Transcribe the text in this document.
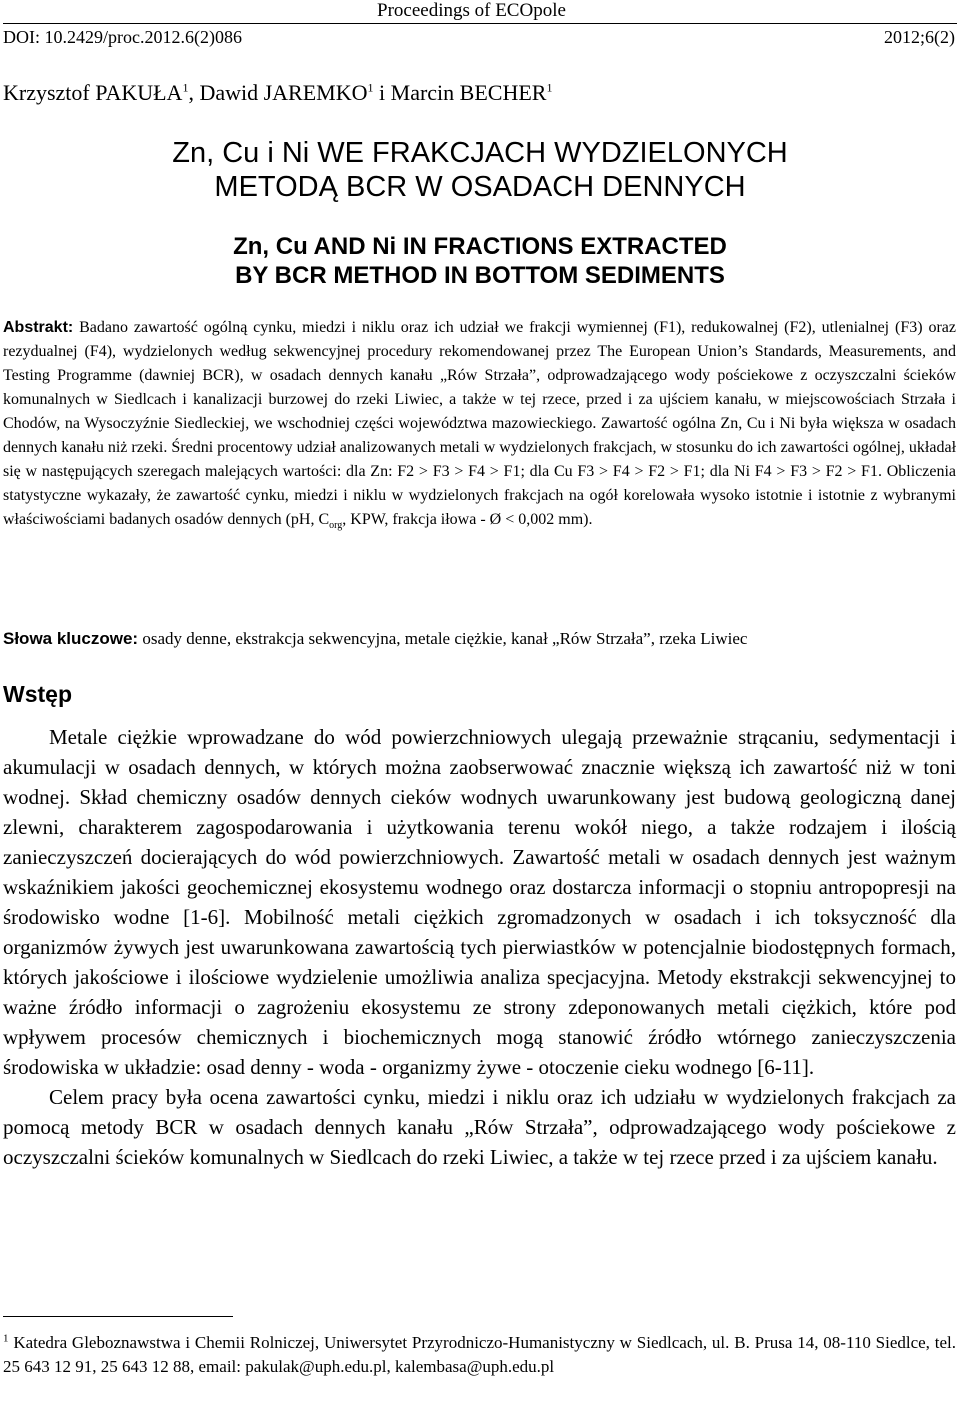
Proceedings of ECOpole
DOI: 10.2429/proc.2012.6(2)086	2012;6(2)
Krzysztof PAKUŁA$^1$, Dawid JAREMKO$^1$ i Marcin BECHER$^1$
Zn, Cu i Ni WE FRAKCJACH WYDZIELONYCH
METODĄ BCR W OSADACH DENNYCH
Zn, Cu AND Ni IN FRACTIONS EXTRACTED
BY BCR METHOD IN BOTTOM SEDIMENTS
Abstrakt: Badano zawartość ogólną cynku, miedzi i niklu oraz ich udział we frakcji wymiennej (F1), redukowalnej (F2), utlenialnej (F3) oraz rezydualnej (F4), wydzielonych według sekwencyjnej procedury rekomendowanej przez The European Union’s Standards, Measurements, and Testing Programme (dawniej BCR), w osadach dennych kanału „Rów Strzała”, odprowadzającego wody pościekowe z oczyszczalni ścieków komunalnych w Siedlcach i kanalizacji burzowej do rzeki Liwiec, a także w tej rzece, przed i za ujściem kanału, w miejscowościach Strzała i Chodów, na Wysoczyźnie Siedleckiej, we wschodniej części województwa mazowieckiego. Zawartość ogólna Zn, Cu i Ni była większa w osadach dennych kanału niż rzeki. Średni procentowy udział analizowanych metali w wydzielonych frakcjach, w stosunku do ich zawartości ogólnej, układał się w następujących szeregach malejących wartości: dla Zn: F2 > F3 > F4 > F1; dla Cu F3 > F4 > F2 > F1; dla Ni F4 > F3 > F2 > F1. Obliczenia statystyczne wykazały, że zawartość cynku, miedzi i niklu w wydzielonych frakcjach na ogół korelowała wysoko istotnie i istotnie z wybranymi właściwościami badanych osadów dennych (pH, $C_{org}$, KPW, frakcja iłowa - Ø < 0,002 mm).
Słowa kluczowe: osady denne, ekstrakcja sekwencyjna, metale ciężkie, kanał „Rów Strzała”, rzeka Liwiec
Wstęp

Metale ciężkie wprowadzane do wód powierzchniowych ulegają przeważnie strącaniu, sedymentacji i akumulacji w osadach dennych, w których można zaobserwować znacznie większą ich zawartość niż w toni wodnej. Skład chemiczny osadów dennych cieków wodnych uwarunkowany jest budową geologiczną danej zlewni, charakterem zagospodarowania i użytkowania terenu wokół niego, a także rodzajem i ilością zanieczyszczeń docierających do wód powierzchniowych. Zawartość metali w osadach dennych jest ważnym wskaźnikiem jakości geochemicznej ekosystemu wodnego oraz dostarcza informacji o stopniu antropopresji na środowisko wodne [1-6]. Mobilność metali ciężkich zgromadzonych w osadach i ich toksyczność dla organizmów żywych jest uwarunkowana zawartością tych pierwiastków w potencjalnie biodostępnych formach, których jakościowe i ilościowe wydzielenie umożliwia analiza specjacyjna. Metody ekstrakcji sekwencyjnej to ważne źródło informacji o zagrożeniu ekosystemu ze strony zdeponowanych metali ciężkich, które pod wpływem procesów chemicznych i biochemicznych mogą stanowić źródło wtórnego zanieczyszczenia środowiska w układzie: osad denny - woda - organizmy żywe - otoczenie cieku wodnego [6-11].

Celem pracy była ocena zawartości cynku, miedzi i niklu oraz ich udziału w wydzielonych frakcjach za pomocą metody BCR w osadach dennych kanału „Rów Strzała”, odprowadzającego wody pościekowe z oczyszczalni ścieków komunalnych w Siedlcach do rzeki Liwiec, a także w tej rzece przed i za ujściem kanału.

$^1$ Katedra Gleboznawstwa i Chemii Rolniczej, Uniwersytet Przyrodniczo-Humanistyczny w Siedlcach, ul. B. Prusa 14, 08-110 Siedlce, tel. 25 643 12 91, 25 643 12 88, email: pakulak@uph.edu.pl, kalembasa@uph.edu.pl
